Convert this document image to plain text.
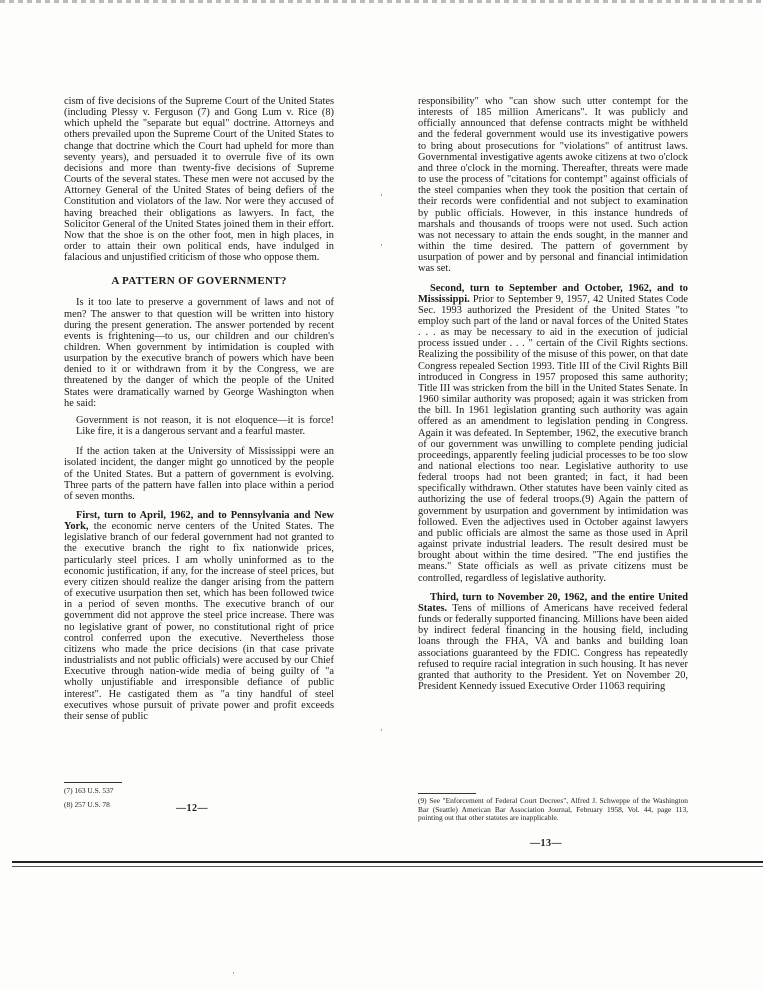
cism of five decisions of the Supreme Court of the United States (including Plessy v. Ferguson (7) and Gong Lum v. Rice (8) which upheld the "separate but equal" doctrine. Attorneys and others prevailed upon the Supreme Court of the United States to change that doctrine which the Court had upheld for more than seventy years), and persuaded it to overrule five of its own decisions and more than twenty-five decisions of Supreme Courts of the several states. These men were not accused by the Attorney General of the United States of being defiers of the Constitution and violators of the law. Nor were they accused of having breached their obligations as lawyers. In fact, the Solicitor General of the United States joined them in their effort. Now that the shoe is on the other foot, men in high places, in order to attain their own political ends, have indulged in falacious and unjustified criticism of those who oppose them.

A PATTERN OF GOVERNMENT?

Is it too late to preserve a government of laws and not of men? The answer to that question will be written into history during the present generation. The answer portended by recent events is frightening—to us, our children and our children's children. When government by intimidation is coupled with usurpation by the executive branch of powers which have been denied to it or withdrawn from it by the Congress, we are threatened by the danger of which the people of the United States were dramatically warned by George Washington when he said:

Government is not reason, it is not eloquence—it is force! Like fire, it is a dangerous servant and a fearful master.

If the action taken at the University of Mississippi were an isolated incident, the danger might go unnoticed by the people of the United States. But a pattern of government is evolving. Three parts of the pattern have fallen into place within a period of seven months.

First, turn to April, 1962, and to Pennsylvania and New York, the economic nerve centers of the United States. The legislative branch of our federal government had not granted to the executive branch the right to fix nationwide prices, particularly steel prices. I am wholly uninformed as to the economic justification, if any, for the increase of steel prices, but every citizen should realize the danger arising from the pattern of executive usurpation then set, which has been followed twice in a period of seven months. The executive branch of our government did not approve the steel price increase. There was no legislative grant of power, no constitutional right of price control conferred upon the executive. Nevertheless those citizens who made the price decisions (in that case private industrialists and not public officials) were accused by our Chief Executive through nation-wide media of being guilty of "a wholly unjustifiable and irresponsible defiance of public interest". He castigated them as "a tiny handful of steel executives whose pursuit of private power and profit exceeds their sense of public

(7) 163 U.S. 537
(8) 257 U.S. 78	—12—

responsibility" who "can show such utter contempt for the interests of 185 million Americans". It was publicly and officially announced that defense contracts might be withheld and the federal government would use its investigative powers to bring about prosecutions for "violations" of antitrust laws. Governmental investigative agents awoke citizens at two o'clock and three o'clock in the morning. Thereafter, threats were made to use the process of "citations for contempt" against officials of the steel companies when they took the position that certain of their records were confidential and not subject to examination by public officials. However, in this instance hundreds of marshals and thousands of troops were not used. Such action was not necessary to attain the ends sought, in the manner and within the time desired. The pattern of government by usurpation of power and by personal and financial intimidation was set.

Second, turn to September and October, 1962, and to Mississippi. Prior to September 9, 1957, 42 United States Code Sec. 1993 authorized the President of the United States "to employ such part of the land or naval forces of the United States . . . as may be necessary to aid in the execution of judicial process issued under . . . " certain of the Civil Rights sections. Realizing the possibility of the misuse of this power, on that date Congress repealed Section 1993. Title III of the Civil Rights Bill introduced in Congress in 1957 proposed this same authority; Title III was stricken from the bill in the United States Senate. In 1960 similar authority was proposed; again it was stricken from the bill. In 1961 legislation granting such authority was again offered as an amendment to legislation pending in Congress. Again it was defeated. In September, 1962, the executive branch of our government was unwilling to complete pending judicial proceedings, apparently feeling judicial processes to be too slow and national elections too near. Legislative authority to use federal troops had not been granted; in fact, it had been specifically withdrawn. Other statutes have been vainly cited as authorizing the use of federal troops.(9) Again the pattern of government by usurpation and government by intimidation was followed. Even the adjectives used in October against lawyers and public officials are almost the same as those used in April against private industrial leaders. The result desired must be brought about within the time desired. "The end justifies the means." State officials as well as private citizens must be controlled, regardless of legislative authority.

Third, turn to November 20, 1962, and the entire United States. Tens of millions of Americans have received federal funds or federally supported financing. Millions have been aided by indirect federal financing in the housing field, including loans through the FHA, VA and banks and building loan associations guaranteed by the FDIC. Congress has repeatedly refused to require racial integration in such housing. It has never granted that authority to the President. Yet on November 20, President Kennedy issued Executive Order 11063 requiring

(9) See "Enforcement of Federal Court Decrees", Alfred J. Schweppe of the Washington Bar (Seattle) American Bar Association Journal, February 1958, Vol. 44, page 113, pointing out that other statutes are inapplicable.
—13—
·
·
·
·
